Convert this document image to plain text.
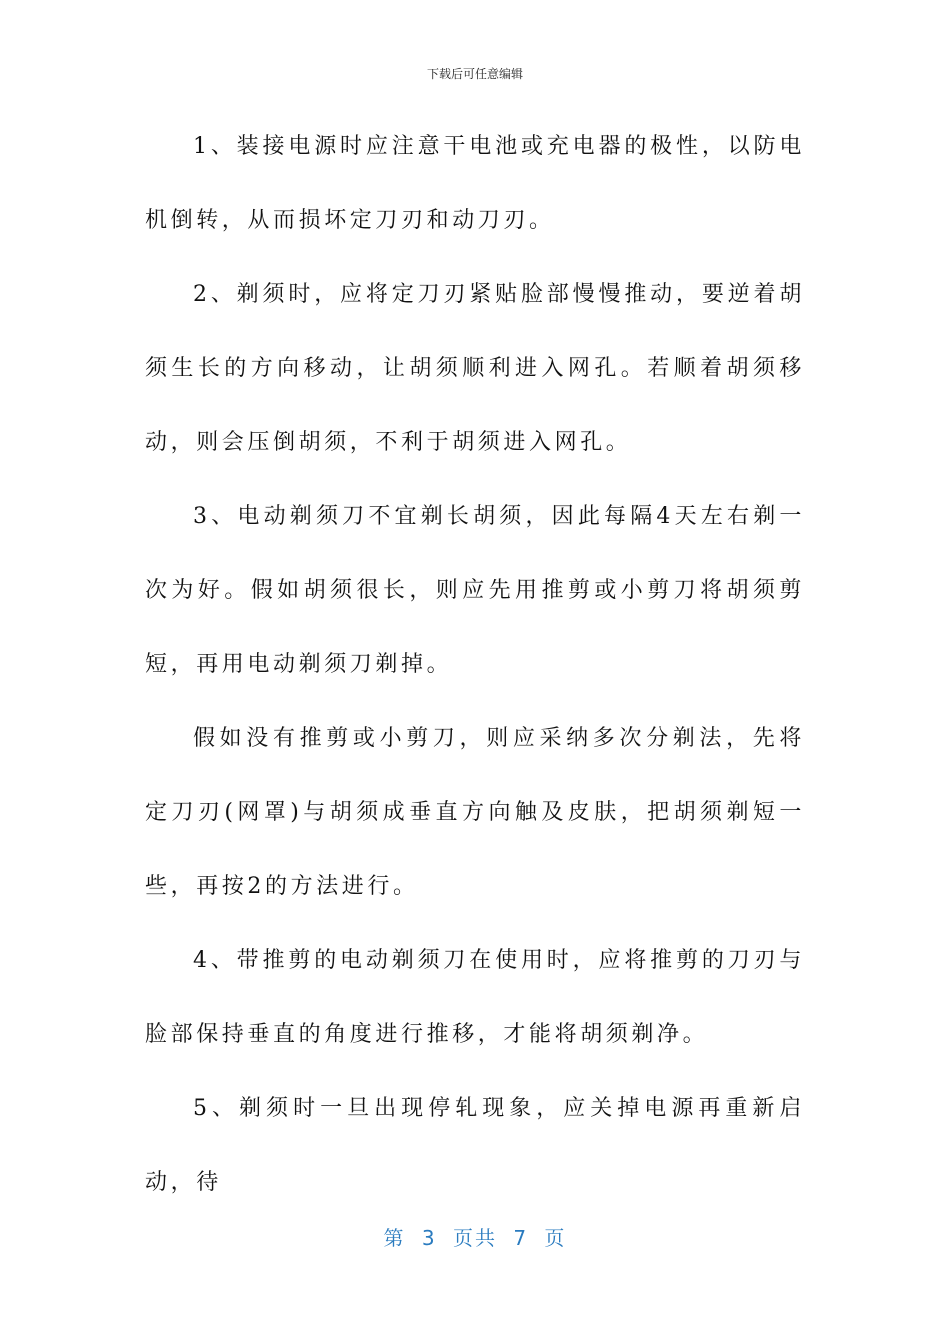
下载后可任意编辑

1、装接电源时应注意干电池或充电器的极性，以防电机倒转，从而损坏定刀刃和动刀刃。

2、剃须时，应将定刀刃紧贴脸部慢慢推动，要逆着胡须生长的方向移动，让胡须顺利进入网孔。若顺着胡须移动，则会压倒胡须，不利于胡须进入网孔。

3、电动剃须刀不宜剃长胡须，因此每隔4天左右剃一次为好。假如胡须很长，则应先用推剪或小剪刀将胡须剪短，再用电动剃须刀剃掉。

假如没有推剪或小剪刀，则应采纳多次分剃法，先将定刀刃(网罩)与胡须成垂直方向触及皮肤，把胡须剃短一些，再按2的方法进行。

4、带推剪的电动剃须刀在使用时，应将推剪的刀刃与脸部保持垂直的角度进行推移，才能将胡须剃净。

5、剃须时一旦出现停轧现象，应关掉电源再重新启动，待

第 3 页共 7 页
